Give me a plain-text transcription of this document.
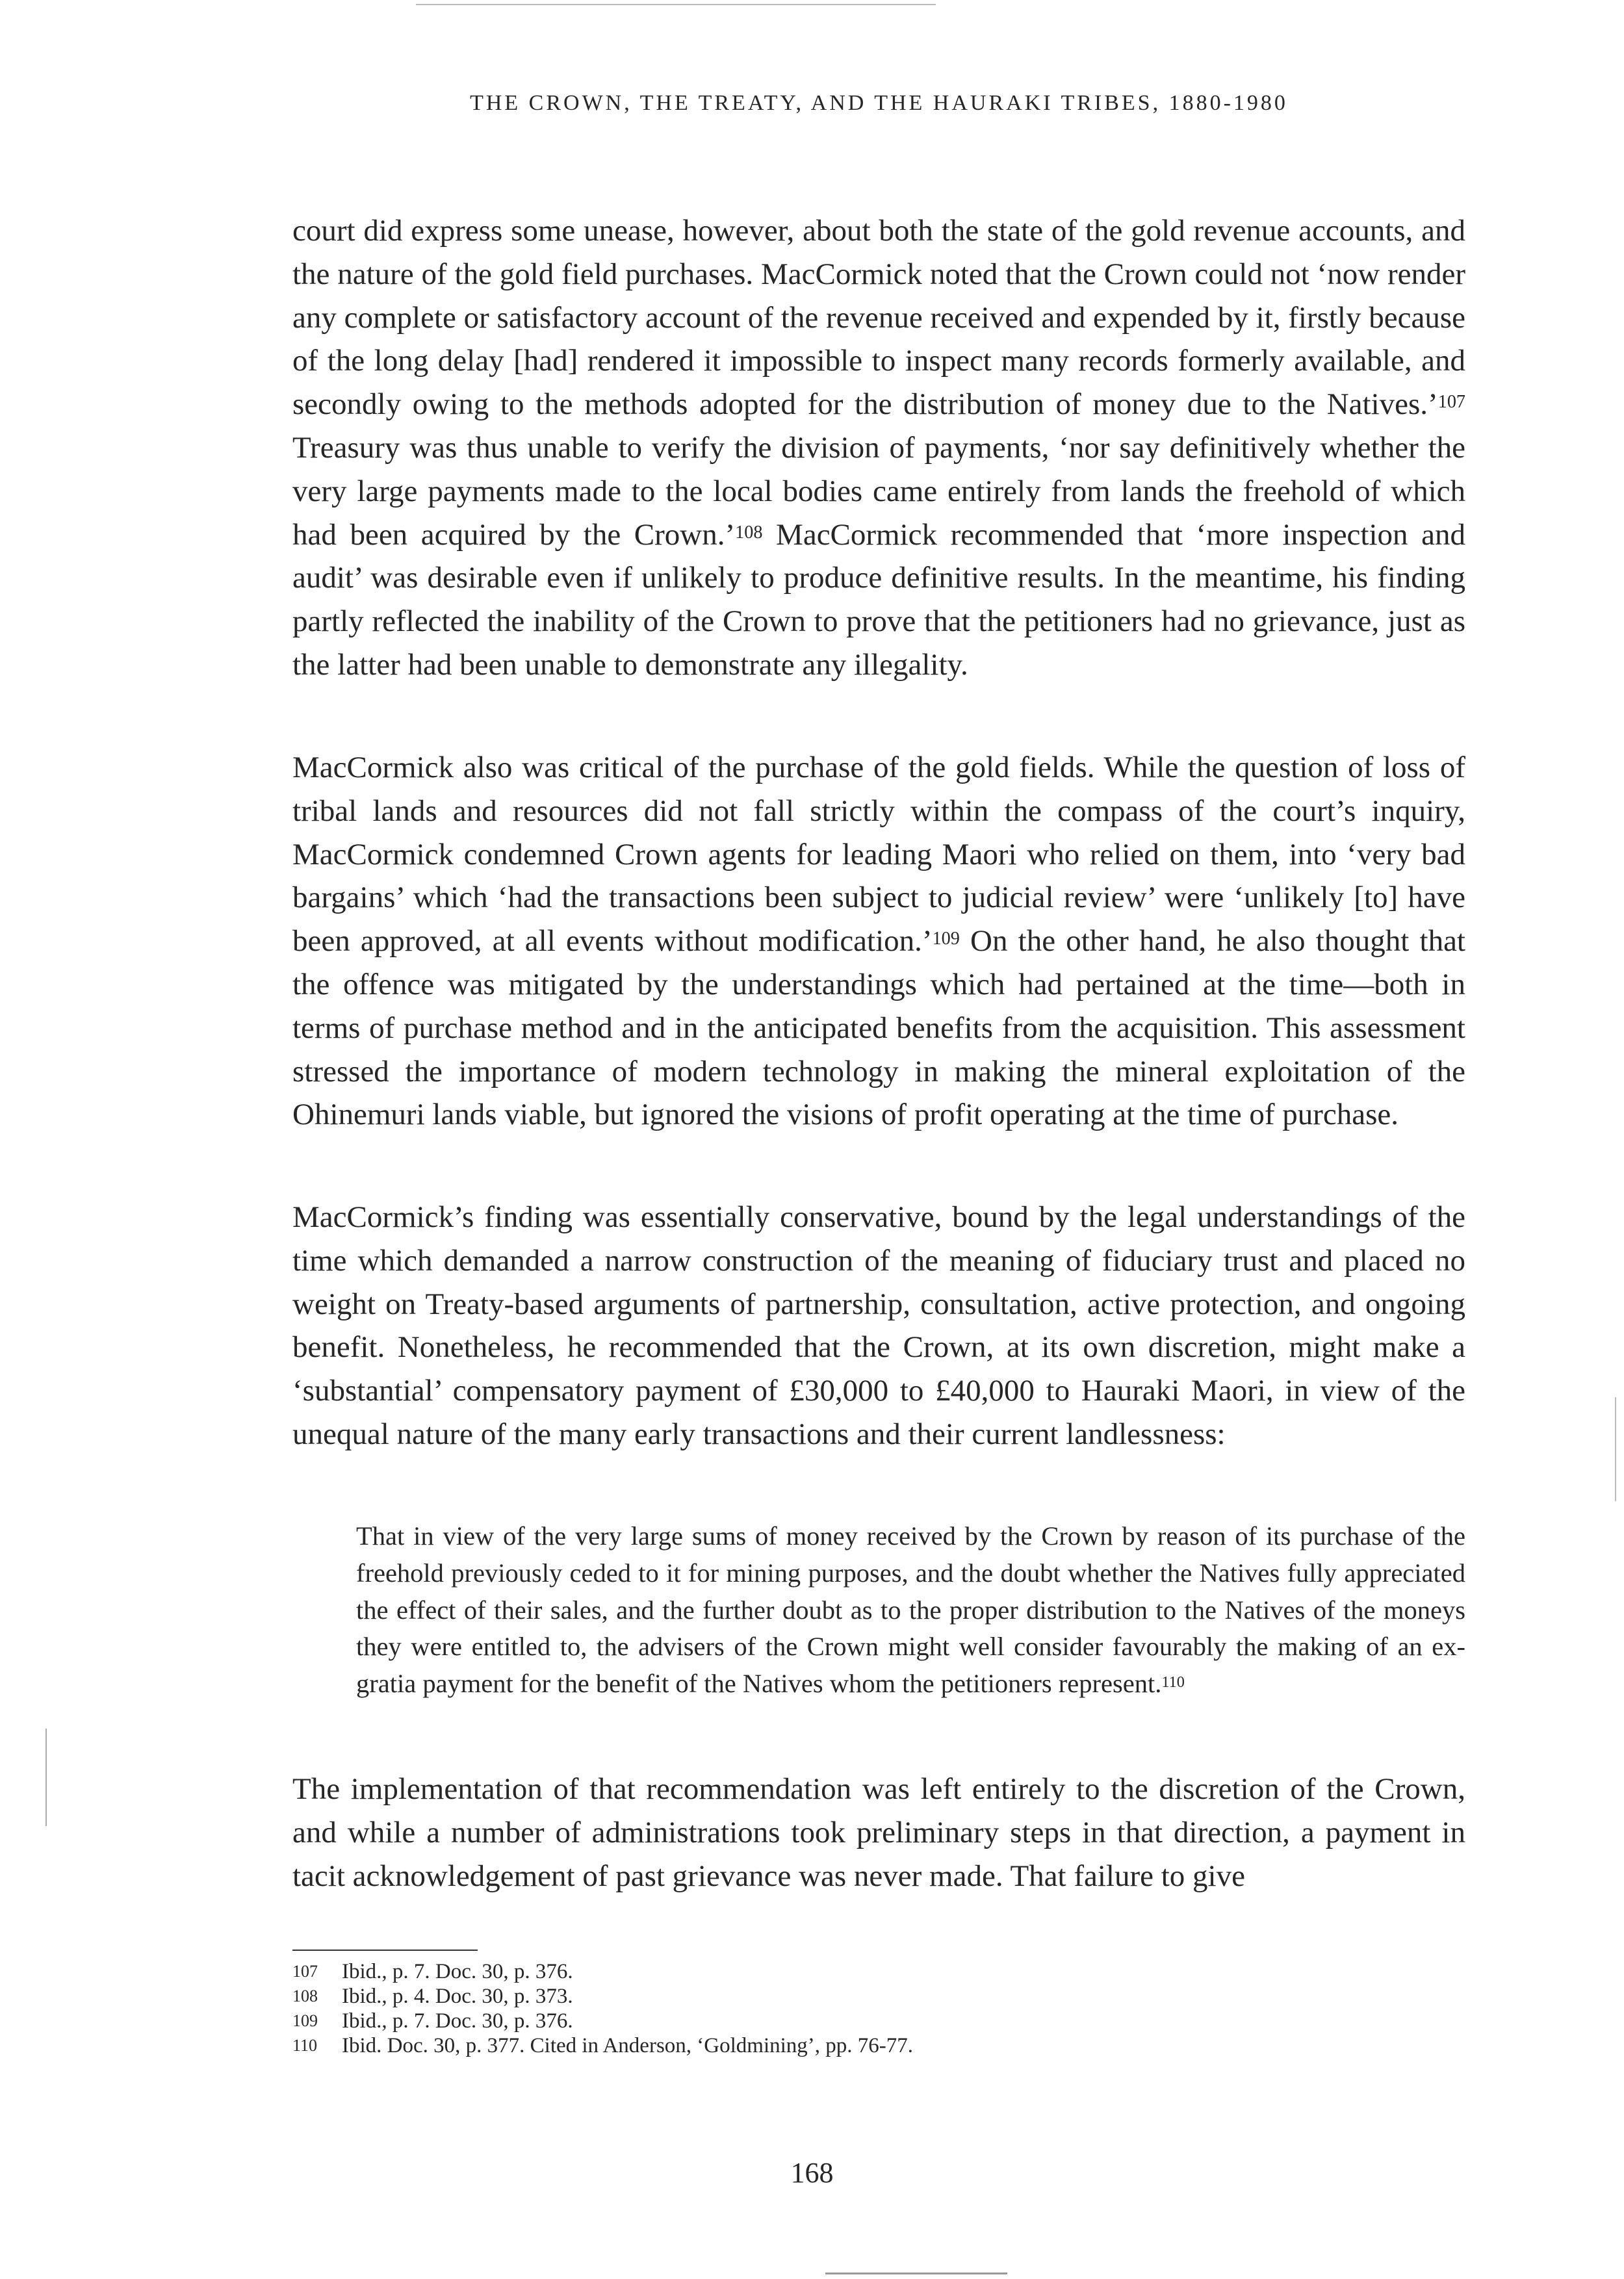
THE CROWN, THE TREATY, AND THE HAURAKI TRIBES, 1880-1980

court did express some unease, however, about both the state of the gold revenue accounts, and the nature of the gold field purchases. MacCormick noted that the Crown could not ‘now render any complete or satisfactory account of the revenue received and expended by it, firstly because of the long delay [had] rendered it impossible to inspect many records formerly available, and secondly owing to the methods adopted for the distribution of money due to the Natives.’$^{107}$ Treasury was thus unable to verify the division of payments, ‘nor say definitively whether the very large payments made to the local bodies came entirely from lands the freehold of which had been acquired by the Crown.’$^{108}$ MacCormick recommended that ‘more inspection and audit’ was desirable even if unlikely to produce definitive results. In the meantime, his finding partly reflected the inability of the Crown to prove that the petitioners had no grievance, just as the latter had been unable to demonstrate any illegality.

MacCormick also was critical of the purchase of the gold fields. While the question of loss of tribal lands and resources did not fall strictly within the compass of the court’s inquiry, MacCormick condemned Crown agents for leading Maori who relied on them, into ‘very bad bargains’ which ‘had the transactions been subject to judicial review’ were ‘unlikely [to] have been approved, at all events without modification.’$^{109}$ On the other hand, he also thought that the offence was mitigated by the understandings which had pertained at the time—both in terms of purchase method and in the anticipated benefits from the acquisition. This assessment stressed the importance of modern technology in making the mineral exploitation of the Ohinemuri lands viable, but ignored the visions of profit operating at the time of purchase.

MacCormick’s finding was essentially conservative, bound by the legal understandings of the time which demanded a narrow construction of the meaning of fiduciary trust and placed no weight on Treaty-based arguments of partnership, consultation, active protection, and ongoing benefit. Nonetheless, he recommended that the Crown, at its own discretion, might make a ‘substantial’ compensatory payment of £30,000 to £40,000 to Hauraki Maori, in view of the unequal nature of the many early transactions and their current landlessness:

That in view of the very large sums of money received by the Crown by reason of its purchase of the freehold previously ceded to it for mining purposes, and the doubt whether the Natives fully appreciated the effect of their sales, and the further doubt as to the proper distribution to the Natives of the moneys they were entitled to, the advisers of the Crown might well consider favourably the making of an ex-gratia payment for the benefit of the Natives whom the petitioners represent.$^{110}$

The implementation of that recommendation was left entirely to the discretion of the Crown, and while a number of administrations took preliminary steps in that direction, a payment in tacit acknowledgement of past grievance was never made. That failure to give

107	Ibid., p. 7. Doc. 30, p. 376.
108	Ibid., p. 4. Doc. 30, p. 373.
109	Ibid., p. 7. Doc. 30, p. 376.
110	Ibid. Doc. 30, p. 377. Cited in Anderson, ‘Goldmining’, pp. 76-77.
168
